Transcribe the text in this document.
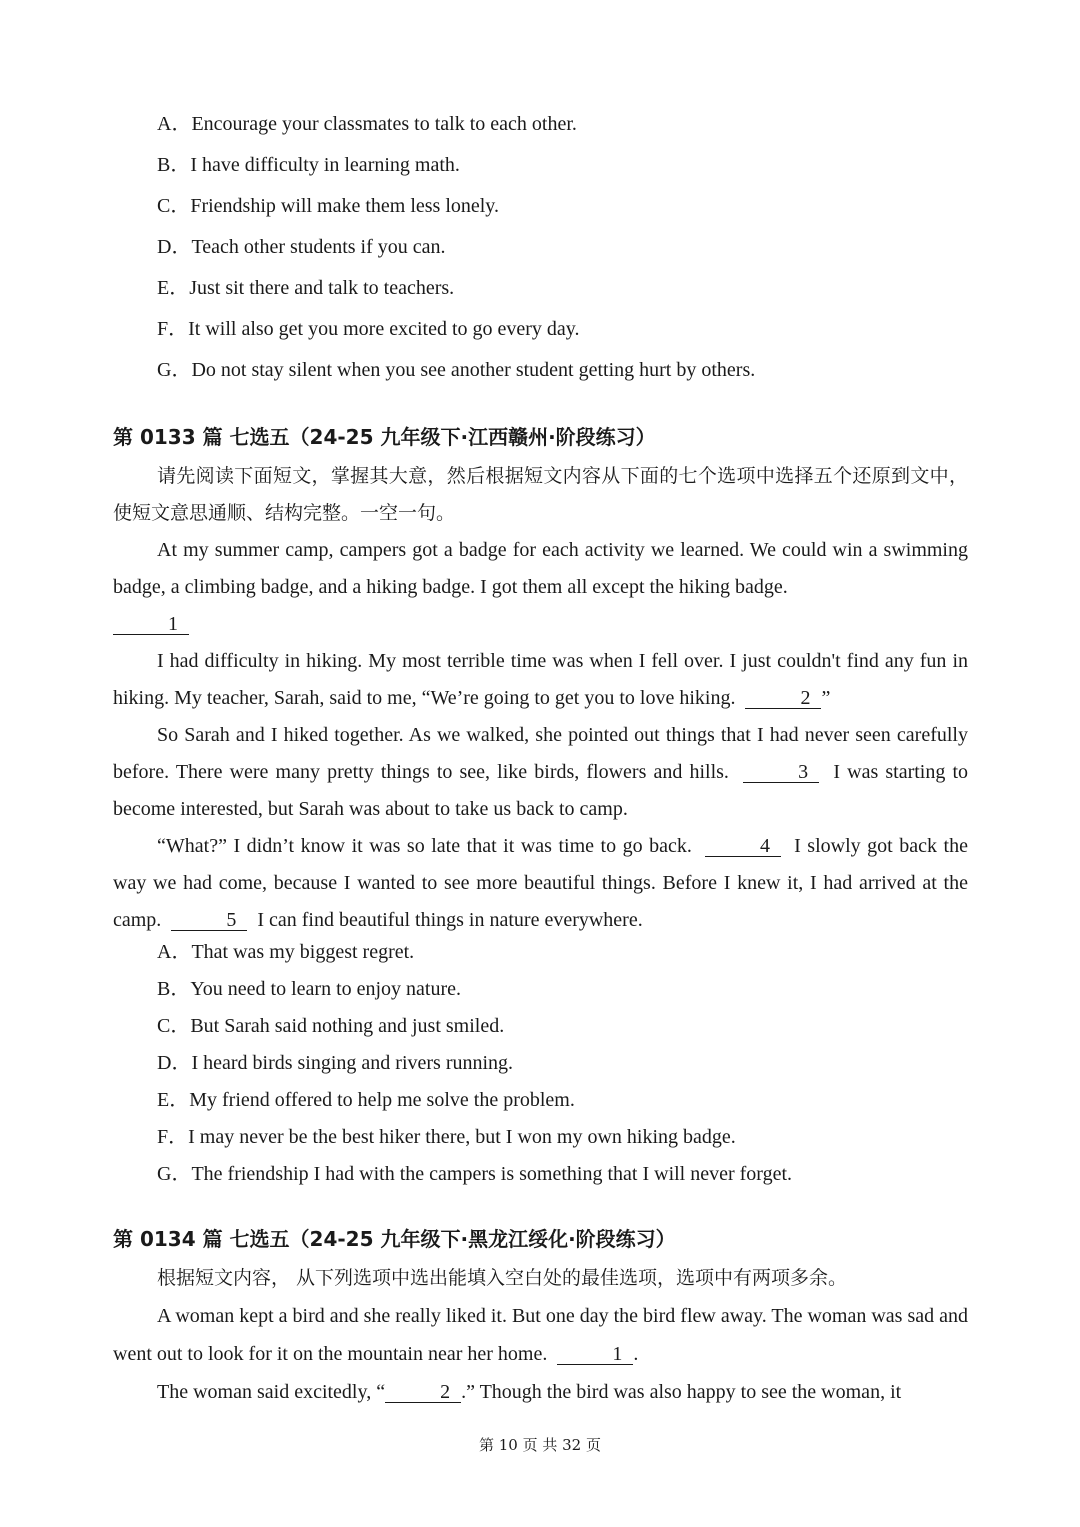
A．Encourage your classmates to talk to each other.
B．I have difficulty in learning math.
C．Friendship will make them less lonely.
D．Teach other students if you can.
E．Just sit there and talk to teachers.
F．It will also get you more excited to go every day.
G．Do not stay silent when you see another student getting hurt by others.
第 0133 篇 七选五（24-25 九年级下·江西赣州·阶段练习）

请先阅读下面短文，掌握其大意，然后根据短文内容从下面的七个选项中选择五个还原到文中，使短文意思通顺、结构完整。一空一句。

At my summer camp, campers got a badge for each activity we learned. We could win a swimming badge, a climbing badge, and a hiking badge. I got them all except the hiking badge.
1

I had difficulty in hiking. My most terrible time was when I fell over. I just couldn't find any fun in hiking. My teacher, Sarah, said to me, “We’re going to get you to love hiking.	2 ”

So Sarah and I hiked together. As we walked, she pointed out things that I had never seen carefully before. There were many pretty things to see, like birds, flowers and hills.	3 I was starting to become interested, but Sarah was about to take us back to camp.

“What?” I didn’t know it was so late that it was time to go back.	4 I slowly got back the way we had come, because I wanted to see more beautiful things. Before I knew it, I had arrived at the camp.	5 I can find beautiful things in nature everywhere.

A．That was my biggest regret.
B．You need to learn to enjoy nature.
C．But Sarah said nothing and just smiled.
D．I heard birds singing and rivers running.
E．My friend offered to help me solve the problem.
F．I may never be the best hiker there, but I won my own hiking badge.
G．The friendship I had with the campers is something that I will never forget.
第 0134 篇 七选五（24-25 九年级下·黑龙江绥化·阶段练习）

根据短文内容， 从下列选项中选出能填入空白处的最佳选项，选项中有两项多余。

A woman kept a bird and she really liked it. But one day the bird flew away. The woman was sad and went out to look for it on the mountain near her home.	1 .

The woman said excitedly, “	2 .” Though the bird was also happy to see the woman, it

第 10 页 共 32 页
